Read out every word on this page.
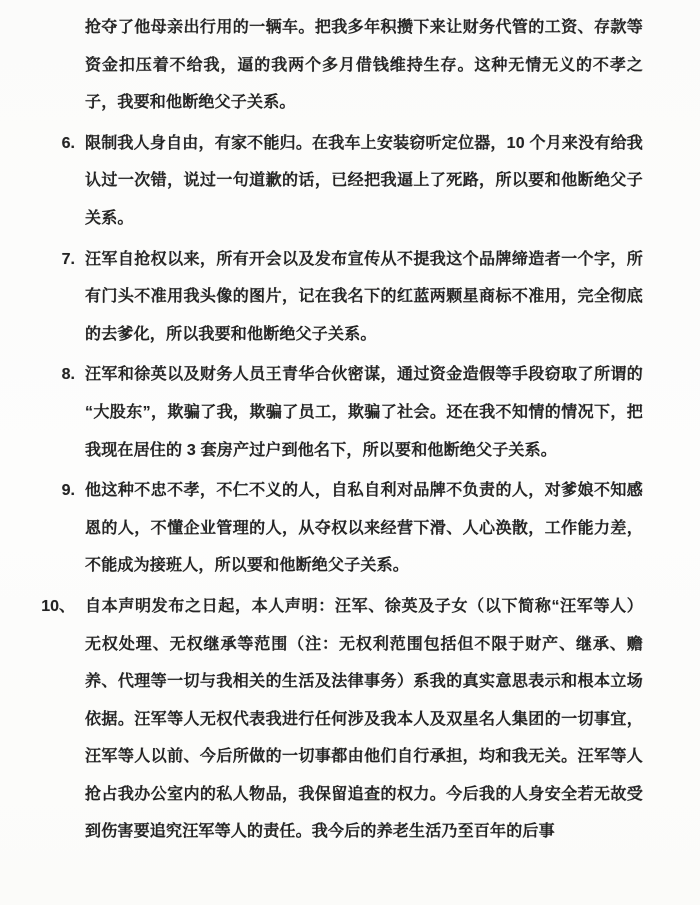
抢夺了他母亲出行用的一辆车。把我多年积攒下来让财务代管的工资、存款等资金扣压着不给我，逼的我两个多月借钱维持生存。这种无情无义的不孝之子，我要和他断绝父子关系。
6. 限制我人身自由，有家不能归。在我车上安装窃听定位器，10 个月来没有给我认过一次错，说过一句道歉的话，已经把我逼上了死路，所以要和他断绝父子关系。
7. 汪军自抢权以来，所有开会以及发布宣传从不提我这个品牌缔造者一个字，所有门头不准用我头像的图片，记在我名下的红蓝两颗星商标不准用，完全彻底的去爹化，所以我要和他断绝父子关系。
8. 汪军和徐英以及财务人员王青华合伙密谋，通过资金造假等手段窃取了所谓的“大股东”，欺骗了我，欺骗了员工，欺骗了社会。还在我不知情的情况下，把我现在居住的 3 套房产过户到他名下，所以要和他断绝父子关系。
9. 他这种不忠不孝，不仁不义的人，自私自利对品牌不负责的人，对爹娘不知感恩的人，不懂企业管理的人，从夺权以来经营下滑、人心涣散，工作能力差，不能成为接班人，所以要和他断绝父子关系。
10、 自本声明发布之日起，本人声明：汪军、徐英及子女（以下简称“汪军等人）无权处理、无权继承等范围（注：无权利范围包括但不限于财产、继承、赡养、代理等一切与我相关的生活及法律事务）系我的真实意思表示和根本立场依据。汪军等人无权代表我进行任何涉及我本人及双星名人集团的一切事宜，汪军等人以前、今后所做的一切事都由他们自行承担，均和我无关。汪军等人抢占我办公室内的私人物品，我保留追查的权力。今后我的人身安全若无故受到伤害要追究汪军等人的责任。我今后的养老生活乃至百年的后事
